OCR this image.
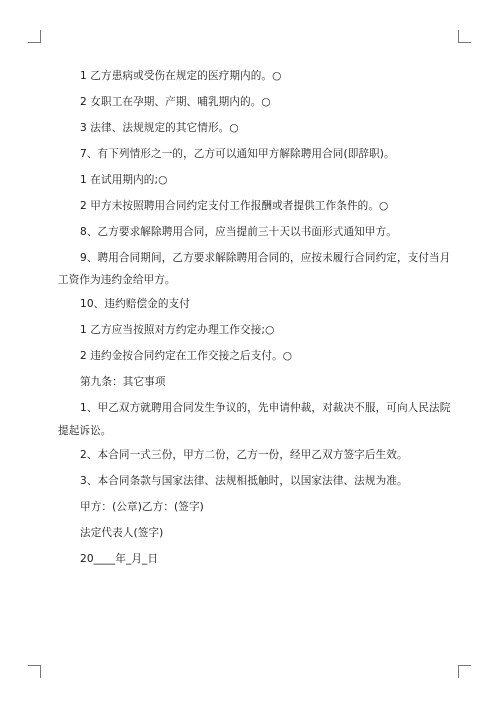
1 乙方患病或受伤在规定的医疗期内的。○
2 女职工在孕期、产期、哺乳期内的。○
3 法律、法规规定的其它情形。○
7、有下列情形之一的，乙方可以通知甲方解除聘用合同(即辞职)。
1 在试用期内的;○
2 甲方未按照聘用合同约定支付工作报酬或者提供工作条件的。○
8、乙方要求解除聘用合同，应当提前三十天以书面形式通知甲方。
9、聘用合同期间，乙方要求解除聘用合同的，应按未履行合同约定，支付当月
工资作为违约金给甲方。
10、违约赔偿金的支付
1 乙方应当按照对方约定办理工作交接;○
2 违约金按合同约定在工作交接之后支付。○
第九条：其它事项
1、甲乙双方就聘用合同发生争议的，先申请仲裁，对裁决不服，可向人民法院
提起诉讼。
2、本合同一式三份，甲方二份，乙方一份，经甲乙双方签字后生效。
3、本合同条款与国家法律、法规相抵触时，以国家法律、法规为准。
甲方：(公章)乙方：(签字)
法定代表人(签字)
20____年_月_日
